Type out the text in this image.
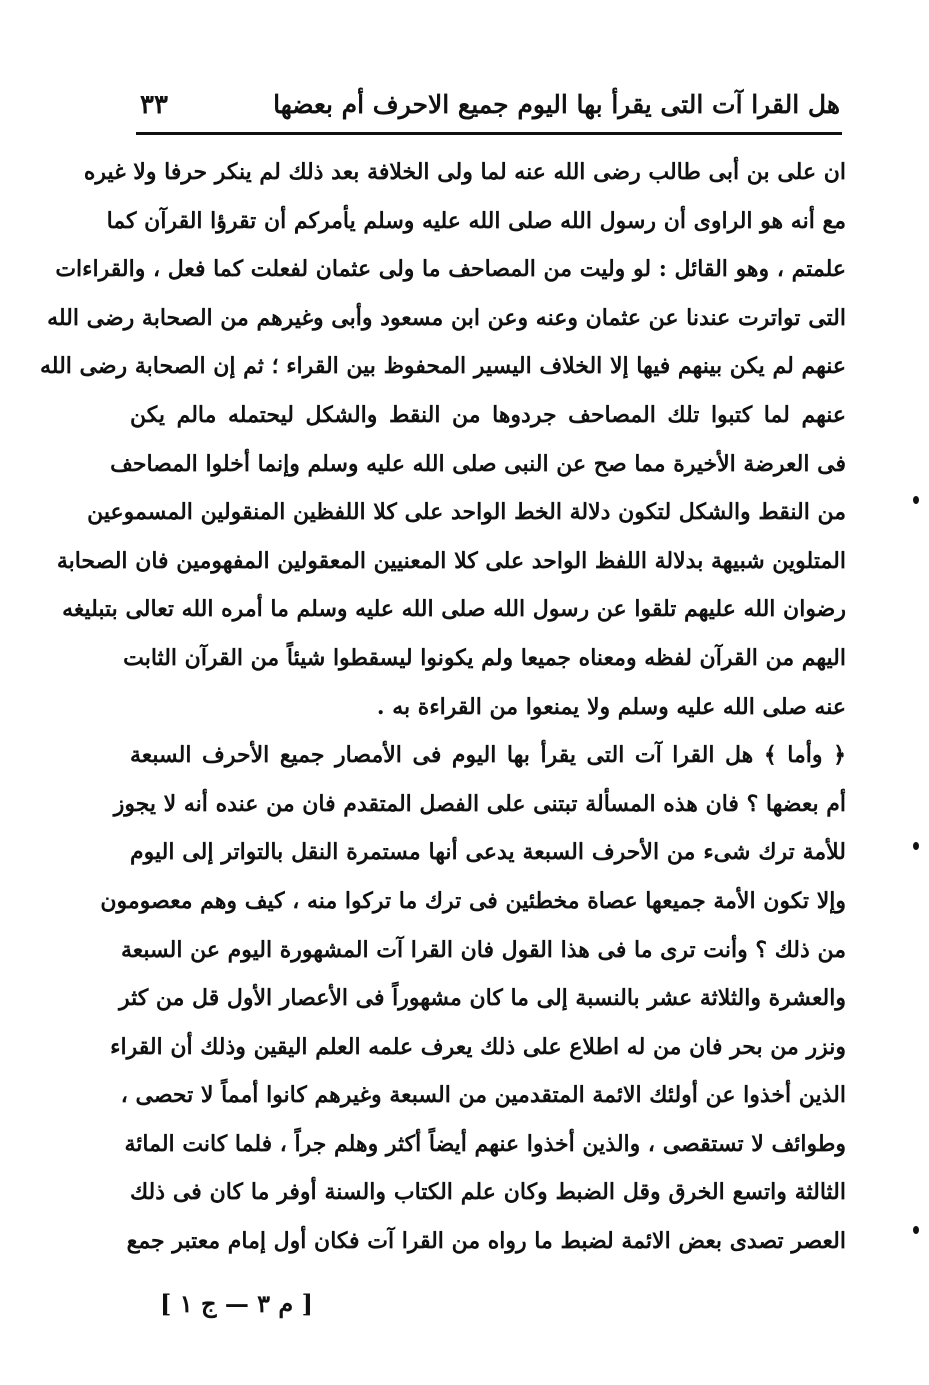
هل القرا آت التى يقرأ بها اليوم جميع الاحرف أم بعضها
٣٣
ان على بن أبى طالب رضى الله عنه لما ولى الخلافة بعد ذلك لم ينكر حرفا ولا غيره
مع أنه هو الراوى أن رسول الله صلى الله عليه وسلم يأمركم أن تقرؤا القرآن كما
علمتم ، وهو القائل : لو وليت من المصاحف ما ولى عثمان لفعلت كما فعل ، والقراءات
التى تواترت عندنا عن عثمان وعنه وعن ابن مسعود وأبى وغيرهم من الصحابة رضى الله
عنهم لم يكن بينهم فيها إلا الخلاف اليسير المحفوظ بين القراء ؛ ثم إن الصحابة رضى الله
عنهم لما كتبوا تلك المصاحف جردوها من النقط والشكل ليحتمله مالم يكن
فى العرضة الأخيرة مما صح عن النبى صلى الله عليه وسلم وإنما أخلوا المصاحف
من النقط والشكل لتكون دلالة الخط الواحد على كلا اللفظين المنقولين المسموعين
المتلوين شبيهة بدلالة اللفظ الواحد على كلا المعنيين المعقولين المفهومين فان الصحابة
رضوان الله عليهم تلقوا عن رسول الله صلى الله عليه وسلم ما أمره الله تعالى بتبليغه
اليهم من القرآن لفظه ومعناه جميعا ولم يكونوا ليسقطوا شيئاً من القرآن الثابت
عنه صلى الله عليه وسلم ولا يمنعوا من القراءة به .
﴿ وأما ﴾ هل القرا آت التى يقرأ بها اليوم فى الأمصار جميع الأحرف السبعة
أم بعضها ؟ فان هذه المسألة تبتنى على الفصل المتقدم فان من عنده أنه لا يجوز
للأمة ترك شىء من الأحرف السبعة يدعى أنها مستمرة النقل بالتواتر إلى اليوم
وإلا تكون الأمة جميعها عصاة مخطئين فى ترك ما تركوا منه ، كيف وهم معصومون
من ذلك ؟ وأنت ترى ما فى هذا القول فان القرا آت المشهورة اليوم عن السبعة
والعشرة والثلاثة عشر بالنسبة إلى ما كان مشهوراً فى الأعصار الأول قل من كثر
ونزر من بحر فان من له اطلاع على ذلك يعرف علمه العلم اليقين وذلك أن القراء
الذين أخذوا عن أولئك الائمة المتقدمين من السبعة وغيرهم كانوا أمماً لا تحصى ،
وطوائف لا تستقصى ، والذين أخذوا عنهم أيضاً أكثر وهلم جراً ، فلما كانت المائة
الثالثة واتسع الخرق وقل الضبط وكان علم الكتاب والسنة أوفر ما كان فى ذلك
العصر تصدى بعض الائمة لضبط ما رواه من القرا آت فكان أول إمام معتبر جمع
[ م ٣ — ج ١ ]
